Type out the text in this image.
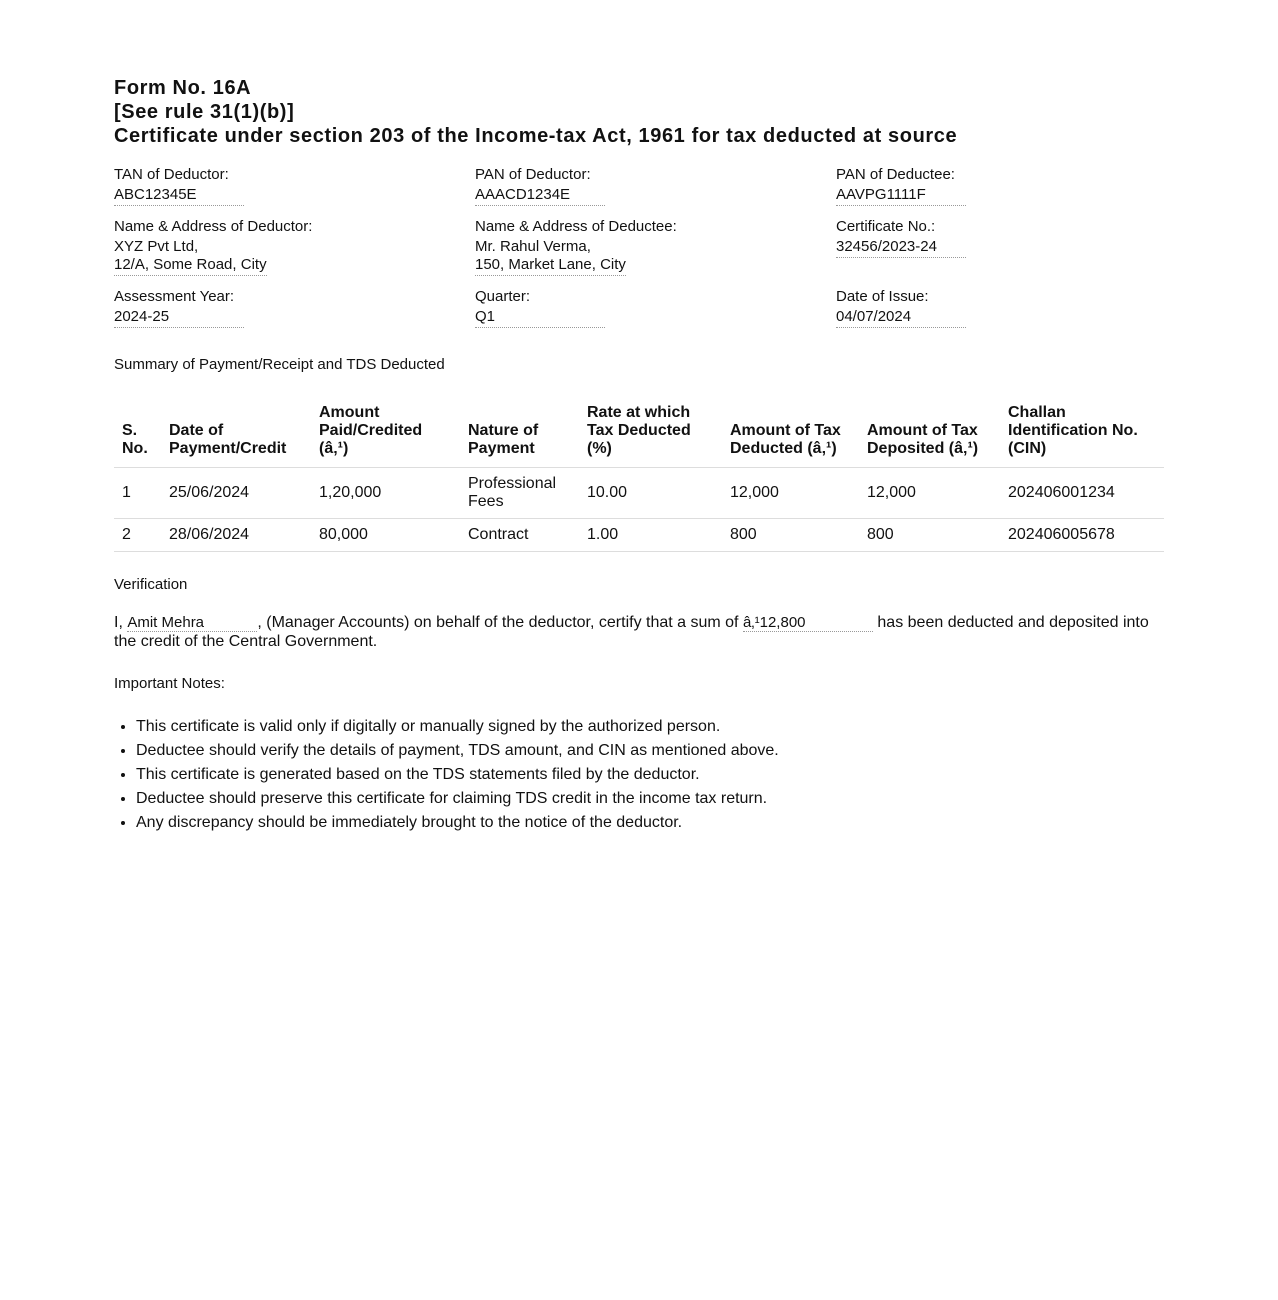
Form No. 16A

[See rule 31(1)(b)]

Certificate under section 203 of the Income-tax Act, 1961 for tax deducted at source

TAN of Deductor:
ABC12345E
PAN of Deductor:
AAACD1234E
PAN of Deductee:
AAVPG1111F
Name & Address of Deductor:
XYZ Pvt Ltd,
12/A, Some Road, City
Name & Address of Deductee:
Mr. Rahul Verma,
150, Market Lane, City
Certificate No.:
32456/2023-24
Assessment Year:
2024-25
Quarter:
Q1
Date of Issue:
04/07/2024
Summary of Payment/Receipt and TDS Deducted
S. No.	Date of Payment/Credit	Amount Paid/Credited (â‚¹)	Nature of Payment	Rate at which Tax Deducted (%)	Amount of Tax Deducted (â‚¹)	Amount of Tax Deposited (â‚¹)	Challan Identification No. (CIN)
1	25/06/2024	1,20,000	Professional Fees	10.00	12,000	12,000	202406001234
2	28/06/2024	80,000	Contract	1.00	800	800	202406005678
Verification
I, Amit Mehra	, (Manager Accounts) on behalf of the deductor, certify that a sum of â‚¹12,800	has been deducted and deposited into the credit of the Central Government.
Important Notes:
• This certificate is valid only if digitally or manually signed by the authorized person.
• Deductee should verify the details of payment, TDS amount, and CIN as mentioned above.
• This certificate is generated based on the TDS statements filed by the deductor.
• Deductee should preserve this certificate for claiming TDS credit in the income tax return.
• Any discrepancy should be immediately brought to the notice of the deductor.
